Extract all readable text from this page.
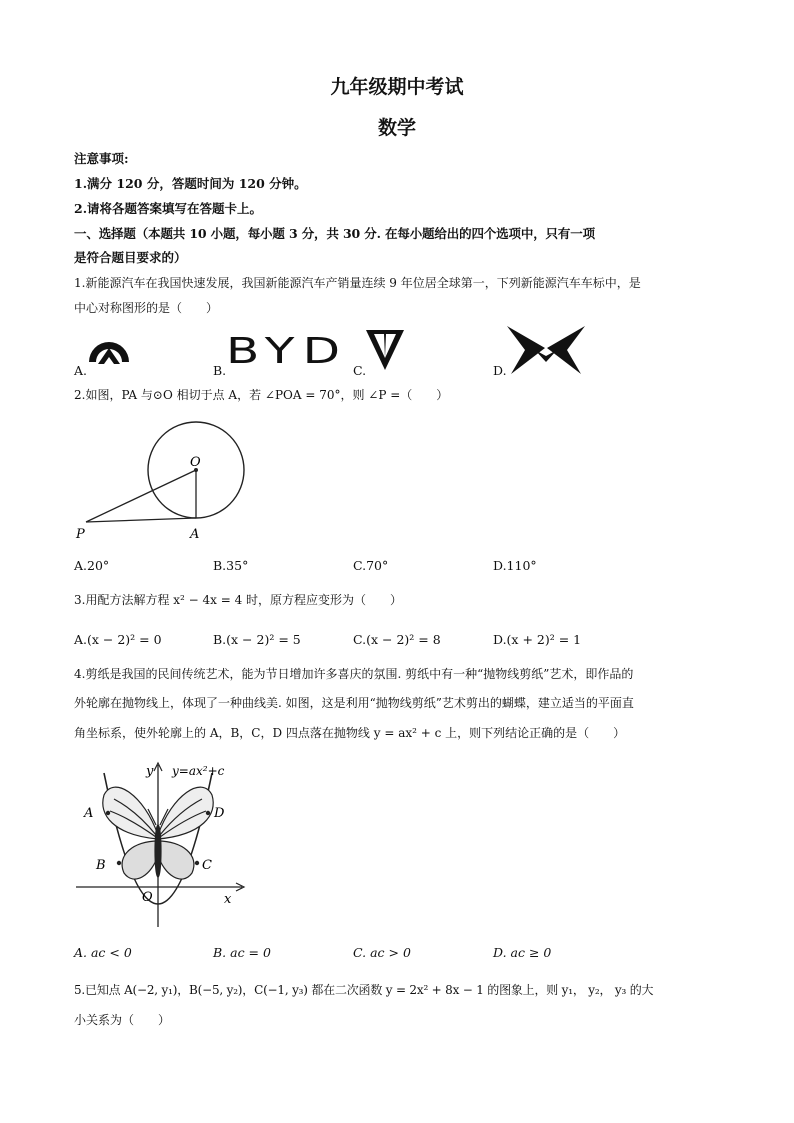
九年级期中考试
数学
注意事项:
1.满分 120 分，答题时间为 120 分钟。
2.请将各题答案填写在答题卡上。
一、选择题（本题共 10 小题，每小题 3 分，共 30 分. 在每小题给出的四个选项中，只有一项
是符合题目要求的）
1.新能源汽车在我国快速发展，我国新能源汽车产销量连续 9 年位居全球第一，下列新能源汽车车标中，是
中心对称图形的是（　　）
A.	B. BYD C.	D.
2.如图，PA 与⊙O 相切于点 A，若 ∠POA = 70°，则 ∠P =（　　）
O
P	A
A.20°	B.35°	C.70°	D.110°
3.用配方法解方程 x² − 4x = 4 时，原方程应变形为（　　）
A.(x − 2)² = 0	B.(x − 2)² = 5	C.(x − 2)² = 8	D.(x + 2)² = 1
4.剪纸是我国的民间传统艺术，能为节日增加许多喜庆的氛围. 剪纸中有一种“抛物线剪纸”艺术，即作品的
外轮廓在抛物线上，体现了一种曲线美. 如图，这是利用“抛物线剪纸”艺术剪出的蝴蝶，建立适当的平面直
角坐标系，使外轮廓上的 A，B，C，D 四点落在抛物线 y = ax² + c 上，则下列结论正确的是（　　）
y y=ax²+c
A	D
B	C
O	x
A. ac < 0	B. ac = 0	C. ac > 0	D. ac ≥ 0
5.已知点 A(−2, y₁)，B(−5, y₂)，C(−1, y₃) 都在二次函数 y = 2x² + 8x − 1 的图象上，则 y₁， y₂， y₃ 的大
小关系为（　　）
